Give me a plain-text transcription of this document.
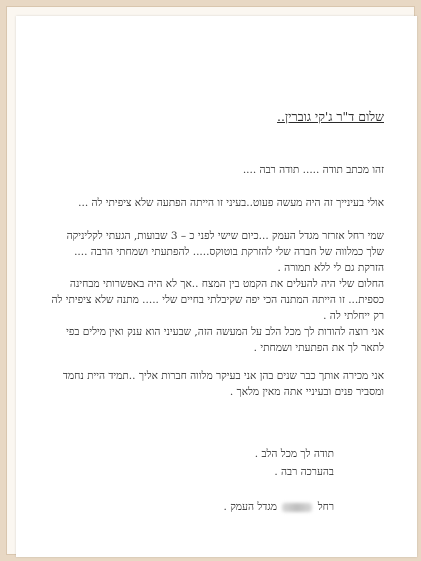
שלום ד"ר ג'קי גוברין..

זהו מכתב תודה ..... תודה רבה ....

אולי בעינייך זה היה מעשה פעוט..בעיני זו הייתה הפתעה שלא ציפיתי לה ...

שמי רחל אזרזר מגדל העמק ...כיום שישי לפני כ – 3 שבועות, הגעתי לקליניקה שלך כמלווה של חברה שלי להזרקת בוטוקס..... להפתעתי ושמחתי הרבה .... הזרקת גם לי ללא תמורה .

החלום שלי היה להעלים את הקמט בין המצח ..אך לא היה באפשרותי מבחינה כספית... זו הייתה המתנה הכי יפה שקיבלתי בחיים שלי ..... מתנה שלא ציפיתי לה רק ייחלתי לה .

אני רוצה להודות לך מכל הלב על המעשה הזה, שבעיני הוא ענק ואין מילים בפי לתאר לך את הפתעתי ושמחתי .

אני מכירה אותך כבר שנים בהן אני בעיקר מלווה חברות אליך ..תמיד היית נחמד ומסביר פנים ובעיניי אתה מאין מלאך .

תודה לך מכל הלב .

בהערכה רבה .

רחל  מגדל העמק .
